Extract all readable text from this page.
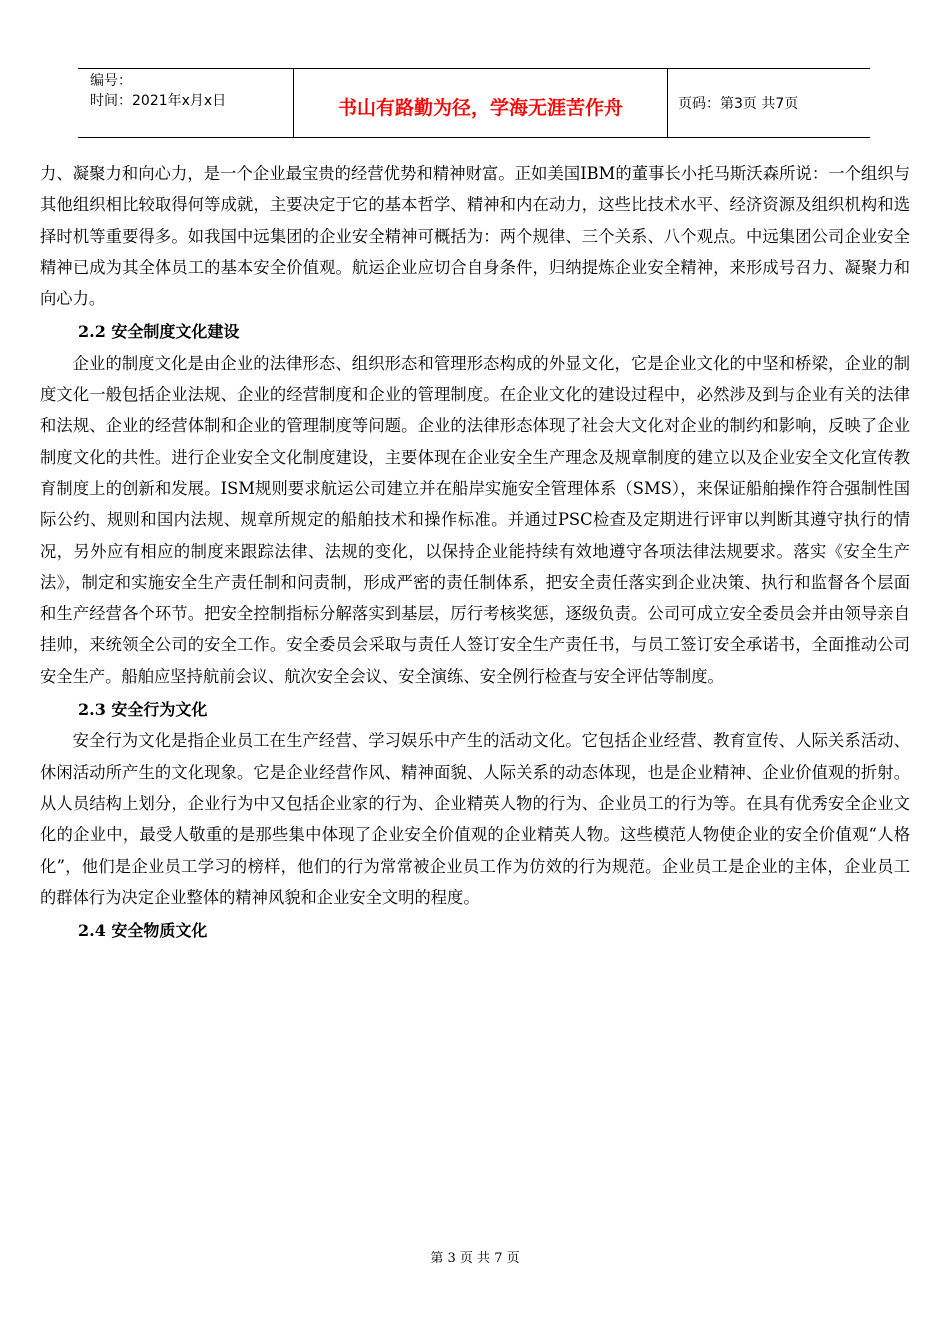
编号：
时间：2021年x月x日	书山有路勤为径，学海无涯苦作舟	页码：第3页 共7页

力、凝聚力和向心力，是一个企业最宝贵的经营优势和精神财富。正如美国IBM的董事长小托马斯沃森所说：一个组织与其他组织相比较取得何等成就，主要决定于它的基本哲学、精神和内在动力，这些比技术水平、经济资源及组织机构和选择时机等重要得多。如我国中远集团的企业安全精神可概括为：两个规律、三个关系、八个观点。中远集团公司企业安全精神已成为其全体员工的基本安全价值观。航运企业应切合自身条件，归纳提炼企业安全精神，来形成号召力、凝聚力和向心力。

2.2 安全制度文化建设

企业的制度文化是由企业的法律形态、组织形态和管理形态构成的外显文化，它是企业文化的中坚和桥梁，企业的制度文化一般包括企业法规、企业的经营制度和企业的管理制度。在企业文化的建设过程中，必然涉及到与企业有关的法律和法规、企业的经营体制和企业的管理制度等问题。企业的法律形态体现了社会大文化对企业的制约和影响，反映了企业制度文化的共性。进行企业安全文化制度建设，主要体现在企业安全生产理念及规章制度的建立以及企业安全文化宣传教育制度上的创新和发展。ISM规则要求航运公司建立并在船岸实施安全管理体系（SMS），来保证船舶操作符合强制性国际公约、规则和国内法规、规章所规定的船舶技术和操作标准。并通过PSC检查及定期进行评审以判断其遵守执行的情况，另外应有相应的制度来跟踪法律、法规的变化，以保持企业能持续有效地遵守各项法律法规要求。落实《安全生产法》，制定和实施安全生产责任制和问责制，形成严密的责任制体系，把安全责任落实到企业决策、执行和监督各个层面和生产经营各个环节。把安全控制指标分解落实到基层，厉行考核奖惩，逐级负责。公司可成立安全委员会并由领导亲自挂帅，来统领全公司的安全工作。安全委员会采取与责任人签订安全生产责任书，与员工签订安全承诺书，全面推动公司安全生产。船舶应坚持航前会议、航次安全会议、安全演练、安全例行检查与安全评估等制度。

2.3 安全行为文化

安全行为文化是指企业员工在生产经营、学习娱乐中产生的活动文化。它包括企业经营、教育宣传、人际关系活动、休闲活动所产生的文化现象。它是企业经营作风、精神面貌、人际关系的动态体现，也是企业精神、企业价值观的折射。从人员结构上划分，企业行为中又包括企业家的行为、企业精英人物的行为、企业员工的行为等。在具有优秀安全企业文化的企业中，最受人敬重的是那些集中体现了企业安全价值观的企业精英人物。这些模范人物使企业的安全价值观“人格化”，他们是企业员工学习的榜样，他们的行为常常被企业员工作为仿效的行为规范。企业员工是企业的主体，企业员工的群体行为决定企业整体的精神风貌和企业安全文明的程度。

2.4 安全物质文化

第 3 页 共 7 页
